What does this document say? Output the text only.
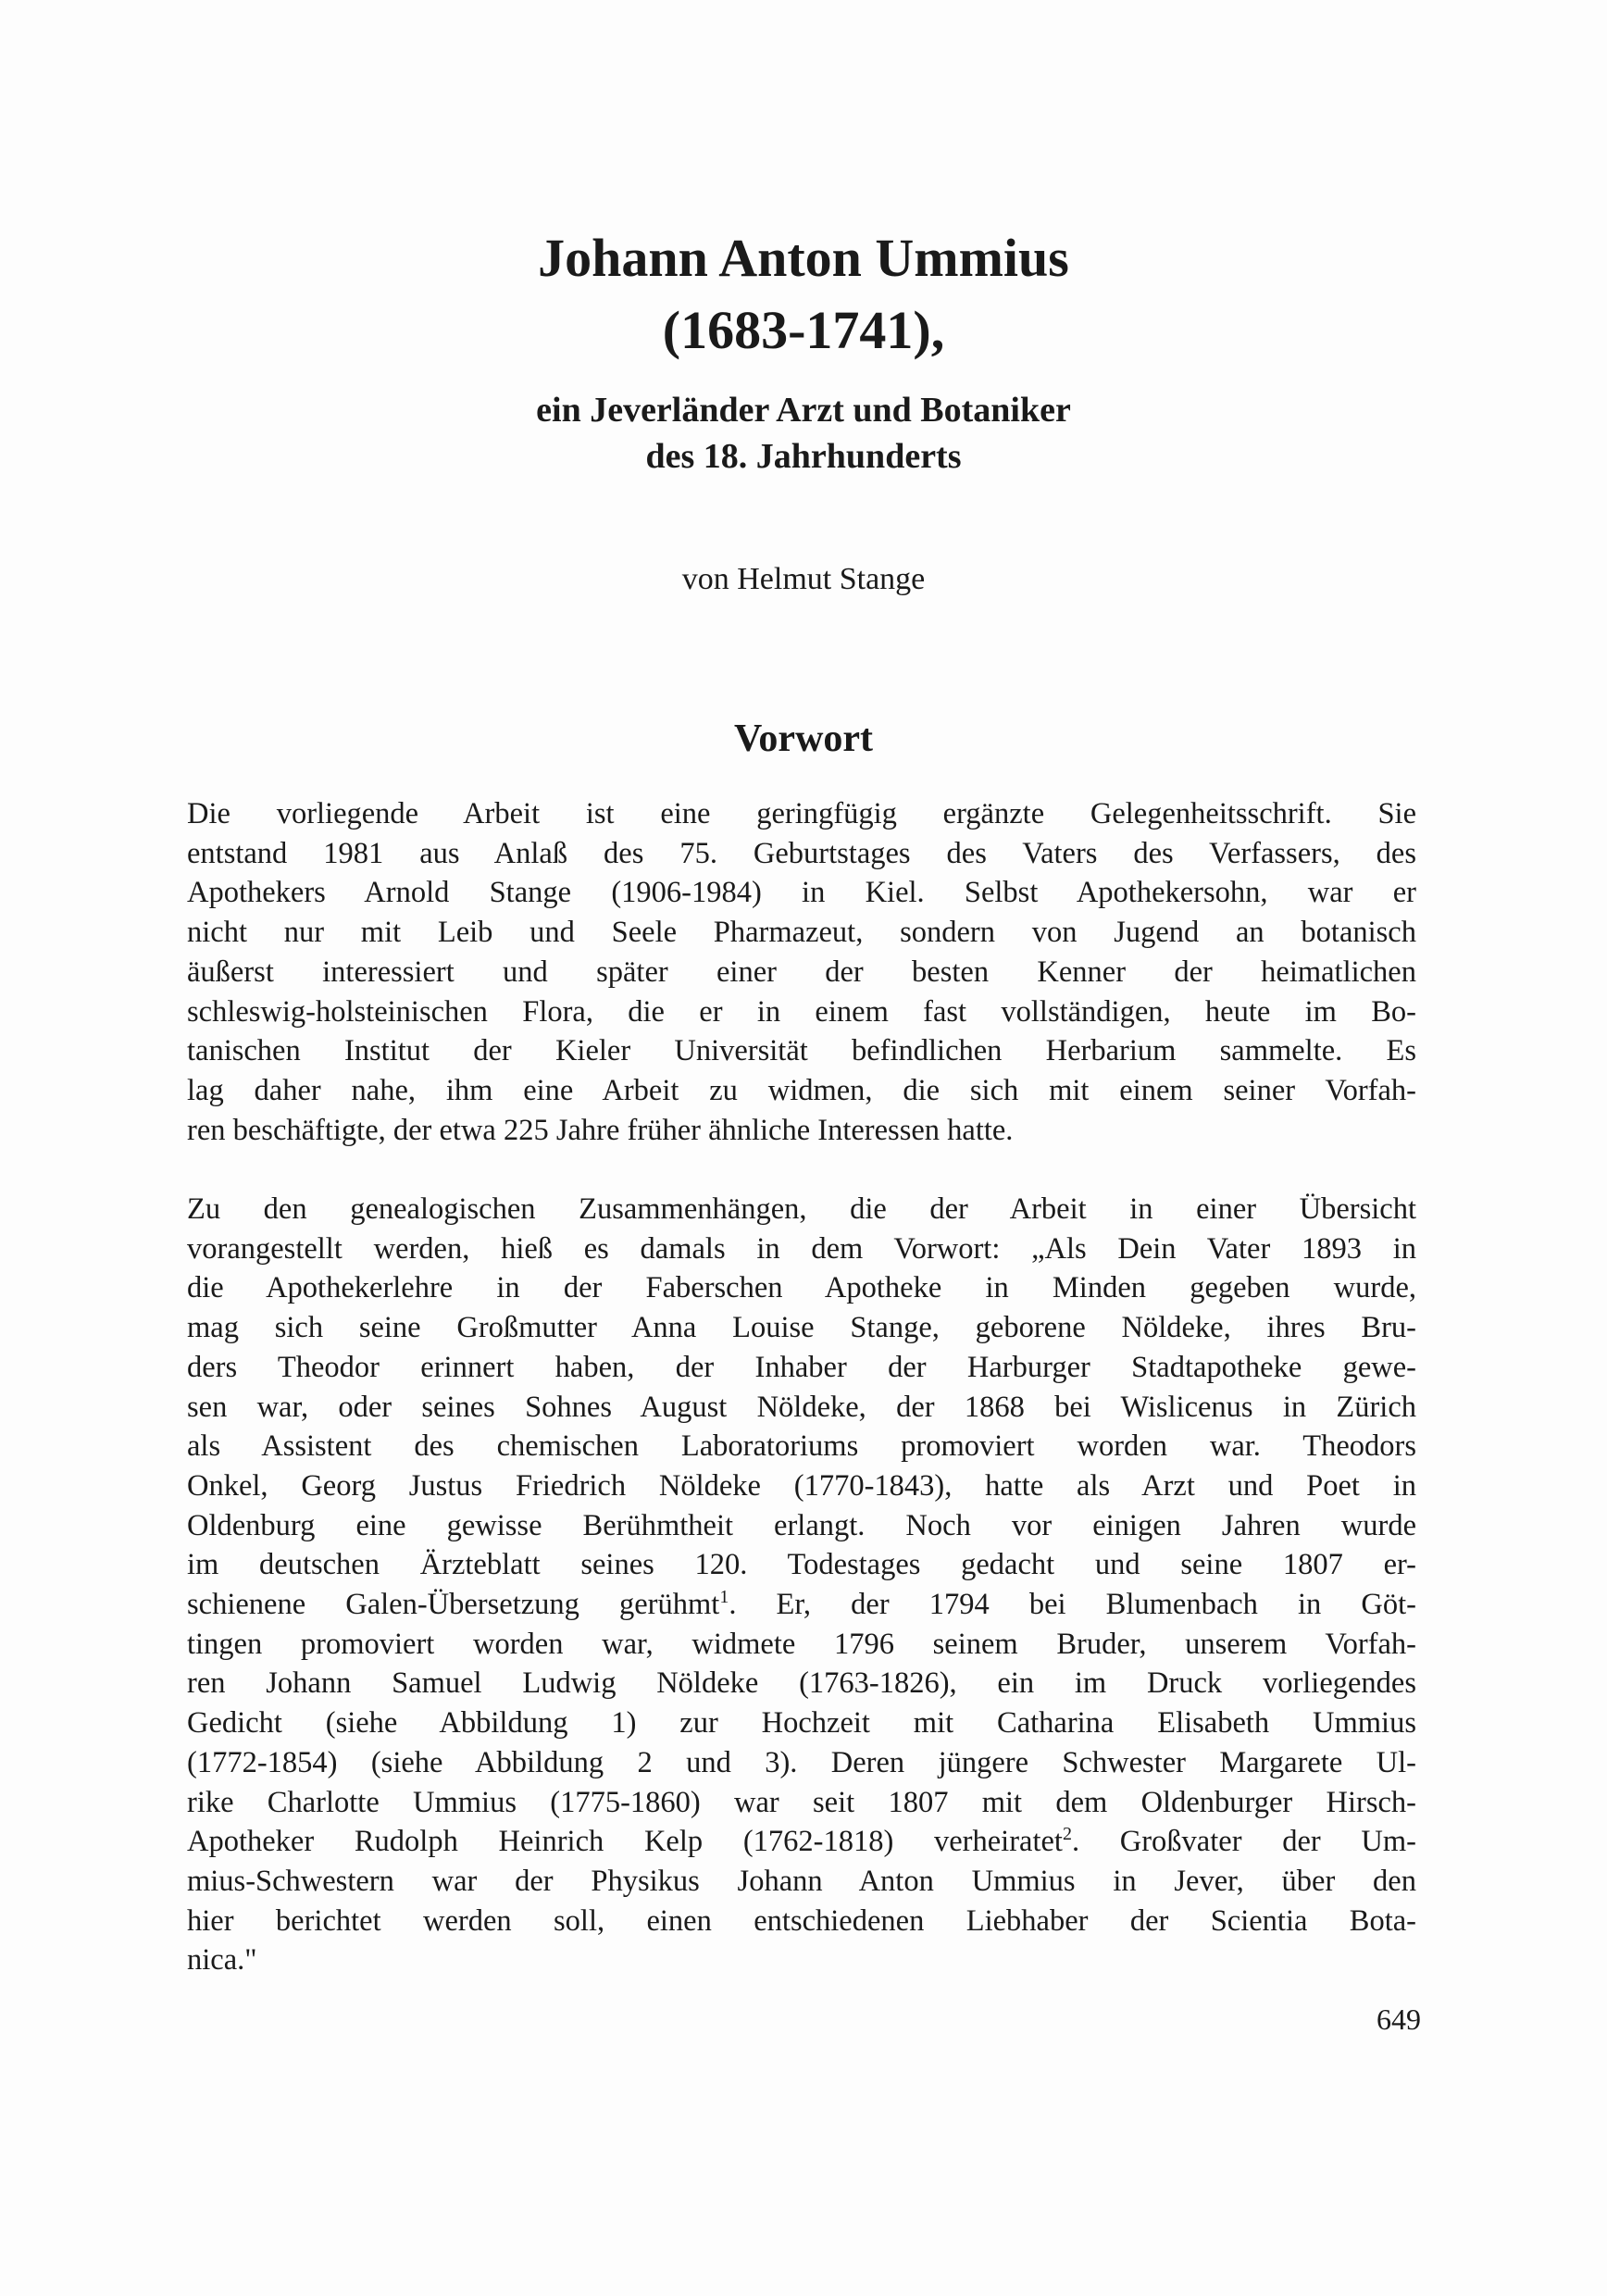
Johann Anton Ummius
(1683-1741),
ein Jeverländer Arzt und Botaniker
des 18. Jahrhunderts
von Helmut Stange
Vorwort

Die vorliegende Arbeit ist eine geringfügig ergänzte Gelegenheitsschrift. Sie
entstand 1981 aus Anlaß des 75. Geburtstages des Vaters des Verfassers, des
Apothekers Arnold Stange (1906-1984) in Kiel. Selbst Apothekersohn, war er
nicht nur mit Leib und Seele Pharmazeut, sondern von Jugend an botanisch
äußerst interessiert und später einer der besten Kenner der heimatlichen
schleswig-holsteinischen Flora, die er in einem fast vollständigen, heute im Bo-
tanischen Institut der Kieler Universität befindlichen Herbarium sammelte. Es
lag daher nahe, ihm eine Arbeit zu widmen, die sich mit einem seiner Vorfah-
ren beschäftigte, der etwa 225 Jahre früher ähnliche Interessen hatte.

Zu den genealogischen Zusammenhängen, die der Arbeit in einer Übersicht
vorangestellt werden, hieß es damals in dem Vorwort: „Als Dein Vater 1893 in
die Apothekerlehre in der Faberschen Apotheke in Minden gegeben wurde,
mag sich seine Großmutter Anna Louise Stange, geborene Nöldeke, ihres Bru-
ders Theodor erinnert haben, der Inhaber der Harburger Stadtapotheke gewe-
sen war, oder seines Sohnes August Nöldeke, der 1868 bei Wislicenus in Zürich
als Assistent des chemischen Laboratoriums promoviert worden war. Theodors
Onkel, Georg Justus Friedrich Nöldeke (1770-1843), hatte als Arzt und Poet in
Oldenburg eine gewisse Berühmtheit erlangt. Noch vor einigen Jahren wurde
im deutschen Ärzteblatt seines 120. Todestages gedacht und seine 1807 er-
schienene Galen-Übersetzung gerühmt$^1$. Er, der 1794 bei Blumenbach in Göt-
tingen promoviert worden war, widmete 1796 seinem Bruder, unserem Vorfah-
ren Johann Samuel Ludwig Nöldeke (1763-1826), ein im Druck vorliegendes
Gedicht (siehe Abbildung 1) zur Hochzeit mit Catharina Elisabeth Ummius
(1772-1854) (siehe Abbildung 2 und 3). Deren jüngere Schwester Margarete Ul-
rike Charlotte Ummius (1775-1860) war seit 1807 mit dem Oldenburger Hirsch-
Apotheker Rudolph Heinrich Kelp (1762-1818) verheiratet$^2$. Großvater der Um-
mius-Schwestern war der Physikus Johann Anton Ummius in Jever, über den
hier berichtet werden soll, einen entschiedenen Liebhaber der Scientia Bota-
nica."

649
